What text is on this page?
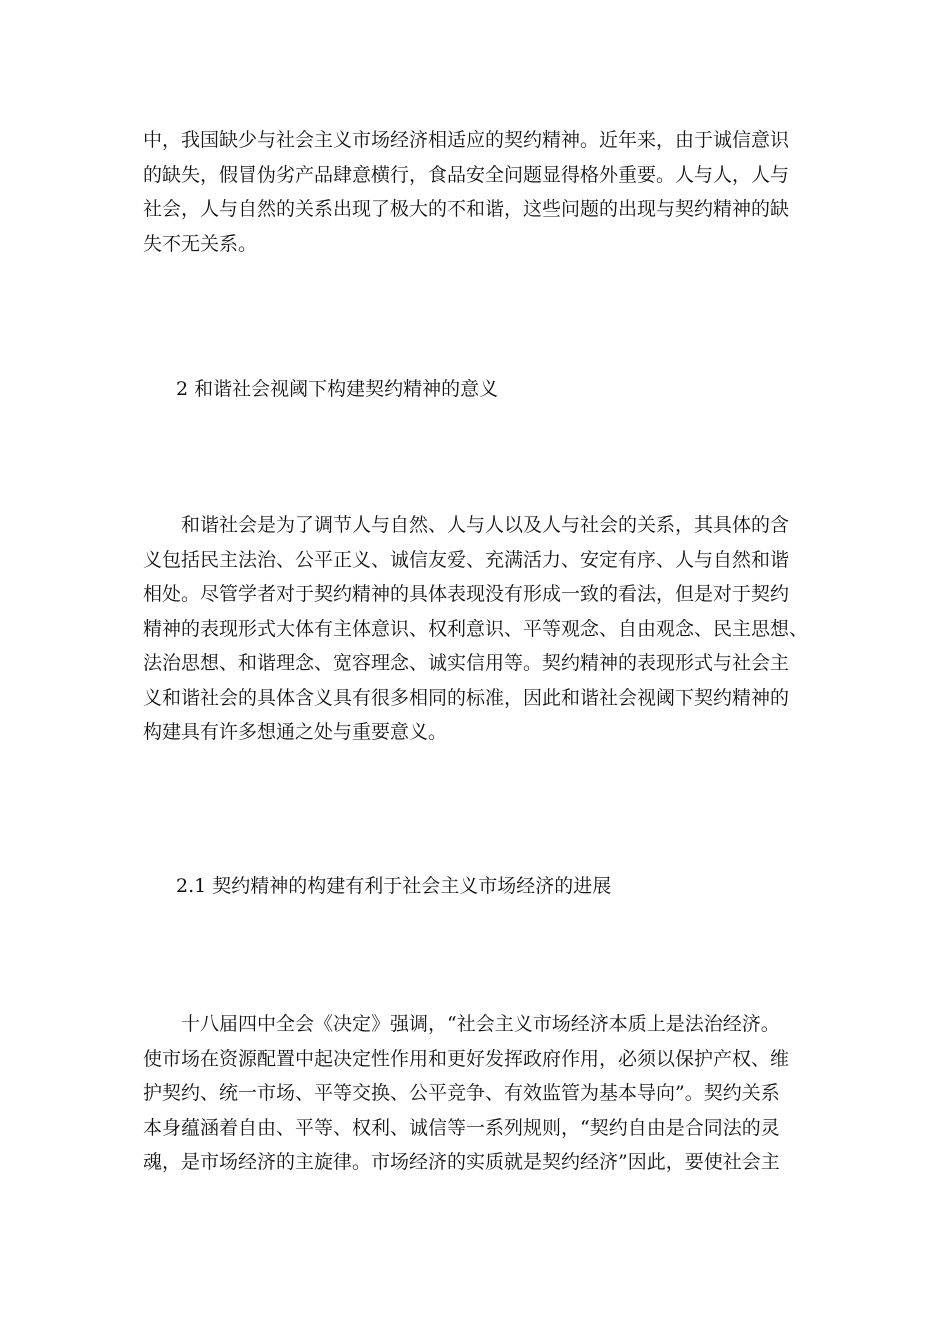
中，我国缺少与社会主义市场经济相适应的契约精神。近年来，由于诚信意识
的缺失，假冒伪劣产品肆意横行，食品安全问题显得格外重要。人与人，人与
社会，人与自然的关系出现了极大的不和谐，这些问题的出现与契约精神的缺
失不无关系。
2 和谐社会视阈下构建契约精神的意义
　　和谐社会是为了调节人与自然、人与人以及人与社会的关系，其具体的含
义包括民主法治、公平正义、诚信友爱、充满活力、安定有序、人与自然和谐
相处。尽管学者对于契约精神的具体表现没有形成一致的看法，但是对于契约
精神的表现形式大体有主体意识、权利意识、平等观念、自由观念、民主思想、
法治思想、和谐理念、宽容理念、诚实信用等。契约精神的表现形式与社会主
义和谐社会的具体含义具有很多相同的标准，因此和谐社会视阈下契约精神的
构建具有许多想通之处与重要意义。
2.1 契约精神的构建有利于社会主义市场经济的进展
　　十八届四中全会《决定》强调，“社会主义市场经济本质上是法治经济。
使市场在资源配置中起决定性作用和更好发挥政府作用，必须以保护产权、维
护契约、统一市场、平等交换、公平竞争、有效监管为基本导向”。契约关系
本身蕴涵着自由、平等、权利、诚信等一系列规则，“契约自由是合同法的灵
魂，是市场经济的主旋律。市场经济的实质就是契约经济”因此，要使社会主
